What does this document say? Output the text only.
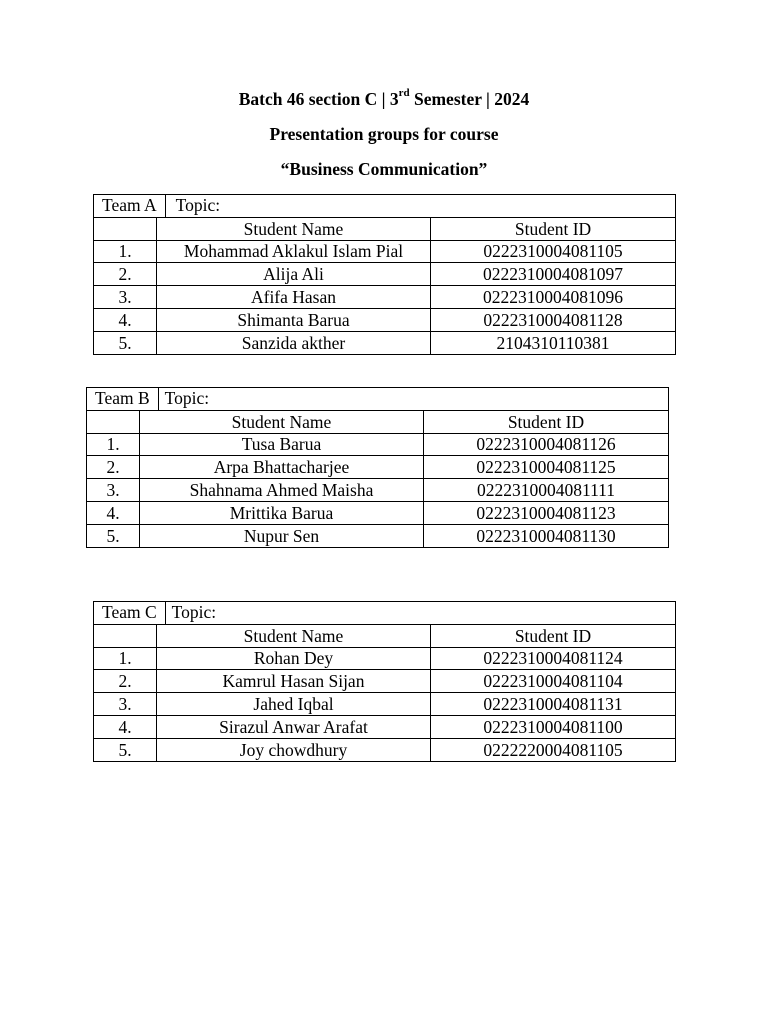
Batch 46 section C | 3rd Semester | 2024
Presentation groups for course
“Business Communication”
Team A Topic:		

	Student Name	Student ID
1.	Mohammad Aklakul Islam Pial	0222310004081105
2.	Alija Ali	0222310004081097
3.	Afifa Hasan	0222310004081096
4.	Shimanta Barua	0222310004081128
5.	Sanzida akther	2104310110381
Team B Topic:		

	Student Name	Student ID
1.	Tusa Barua	0222310004081126
2.	Arpa Bhattacharjee	0222310004081125
3.	Shahnama Ahmed Maisha	0222310004081111
4.	Mrittika Barua	0222310004081123
5.	Nupur Sen	0222310004081130
Team C Topic:		

	Student Name	Student ID
1.	Rohan Dey	0222310004081124
2.	Kamrul Hasan Sijan	0222310004081104
3.	Jahed Iqbal	0222310004081131
4.	Sirazul Anwar Arafat	0222310004081100
5.	Joy chowdhury	0222220004081105
